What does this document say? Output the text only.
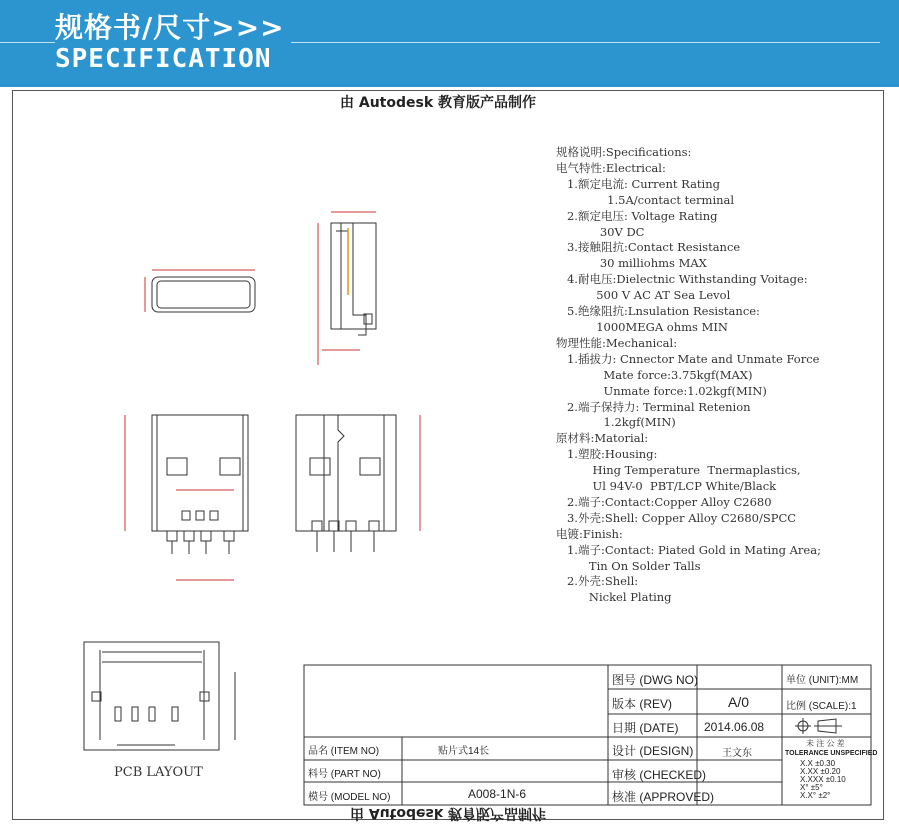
规格书/尺寸>>>
SPECIFICATION
由 Autodesk 教育版产品制作
由 Autodesk 教育版产品制作
规格说明:Specifications:
电气特性:Electrical:
1.额定电流: Current Rating
1.5A/contact terminal
2.额定电压: Voltage Rating
30V DC
3.接触阻抗:Contact Resistance
30 milliohms MAX
4.耐电压:Dielectnic Withstanding Voitage:
500 V AC AT Sea Levol
5.绝缘阻抗:Lnsulation Resistance:
1000MEGA ohms MIN
物理性能:Mechanical:
1.插拔力: Cnnector Mate and Unmate Force
Mate force:3.75kgf(MAX)
Unmate force:1.02kgf(MIN)
2.端子保持力: Terminal Retenion
1.2kgf(MIN)
原材料:Matorial:
1.塑胶:Housing:
Hing Temperature  Tnermaplastics,
Ul 94V-0  PBT/LCP White/Black
2.端子:Contact:Copper Alloy C2680
3.外壳:Shell: Copper Alloy C2680/SPCC
电镀:Finish:
1.端子:Contact: Piated Gold in Mating Area;
Tin On Solder Talls
2.外壳:Shell:
Nickel Plating
PCB LAYOUT
图号 (DWG NO)
版本 (REV)	A/0
日期 (DATE) 2014.06.08
设计 (DESIGN)	王文东
审核 (CHECKED)
核准 (APPROVED)
单位 (UNIT):MM
比例 (SCALE):1
品名 (ITEM NO)	贴片式14长
料号 (PART NO)
模号 (MODEL NO)	A008-1N-6
未 注 公 差
TOLERANCE UNSPECIFIED
X.X ±0.30
X.XX ±0.20
X.XXX ±0.10
X° ±5°
X.X° ±2°
